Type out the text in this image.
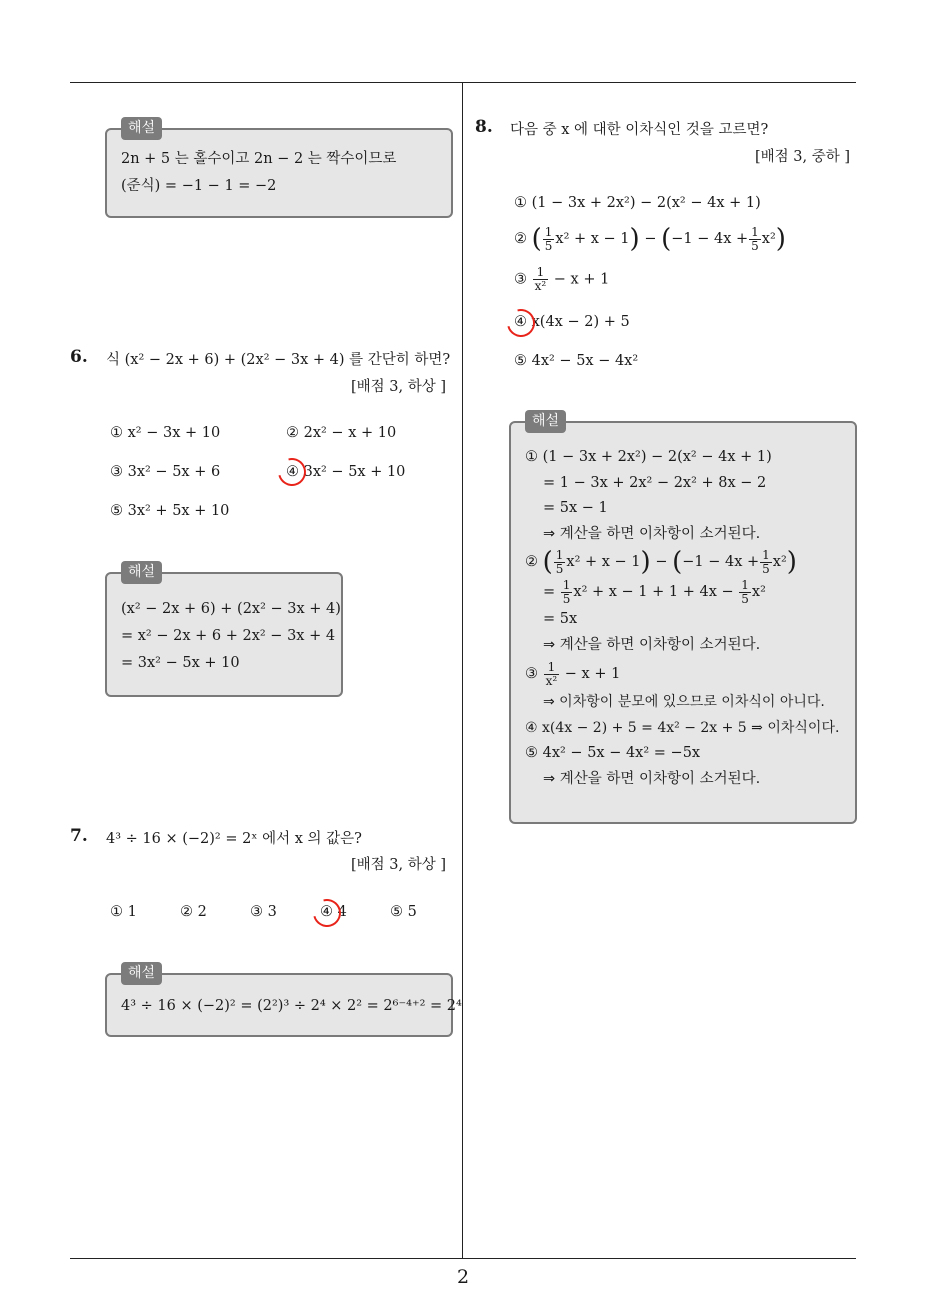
해설
2n + 5 는 홀수이고 2n − 2 는 짝수이므로
(준식) = −1 − 1 = −2
6. 식 (x² − 2x + 6) + (2x² − 3x + 4) 를 간단히 하면?
[배점 3, 하상 ]
① x² − 3x + 10	② 2x² − x + 10
③ 3x² − 5x + 6	④ 3x² − 5x + 10
⑤ 3x² + 5x + 10
해설
(x² − 2x + 6) + (2x² − 3x + 4)
= x² − 2x + 6 + 2x² − 3x + 4
= 3x² − 5x + 10
7. 4³ ÷ 16 × (−2)² = 2ˣ 에서 x 의 값은?
[배점 3, 하상 ]
① 1	② 2	③ 3	④ 4	⑤ 5
해설
4³ ÷ 16 × (−2)² = (2²)³ ÷ 2⁴ × 2² = 2⁶⁻⁴⁺² = 2⁴
8. 다음 중 x 에 대한 이차식인 것을 고르면?
[배점 3, 중하 ]
① (1 − 3x + 2x²) − 2(x² − 4x + 1)
② ( $\frac{1}{5} x^2 + x - 1) - (-1 - 4x + \frac{1}{5} x^2)$
③ $\frac{1}{\text{x²}} - x + 1$
④ x(4x − 2) + 5
⑤ 4x² − 5x − 4x²
해설
① (1 − 3x + 2x²) − 2(x² − 4x + 1)
= 1 − 3x + 2x² − 2x² + 8x − 2
= 5x − 1
⇒ 계산을 하면 이차항이 소거된다.
② ( $\frac{1}{5} x^2 + x - 1) - (-1 - 4x + \frac{1}{5} x^2)$
= $\frac{1}{5} x^2 + x - 1 + 1 + 4x - \frac{1}{5} x^2$
= 5x
⇒ 계산을 하면 이차항이 소거된다.
③ $\frac{1}{\text{x²}} - x + 1$
⇒ 이차항이 분모에 있으므로 이차식이 아니다.
④ x(4x − 2) + 5 = 4x² − 2x + 5 ⇒ 이차식이다.
⑤ 4x² − 5x − 4x² = −5x
⇒ 계산을 하면 이차항이 소거된다.
2
